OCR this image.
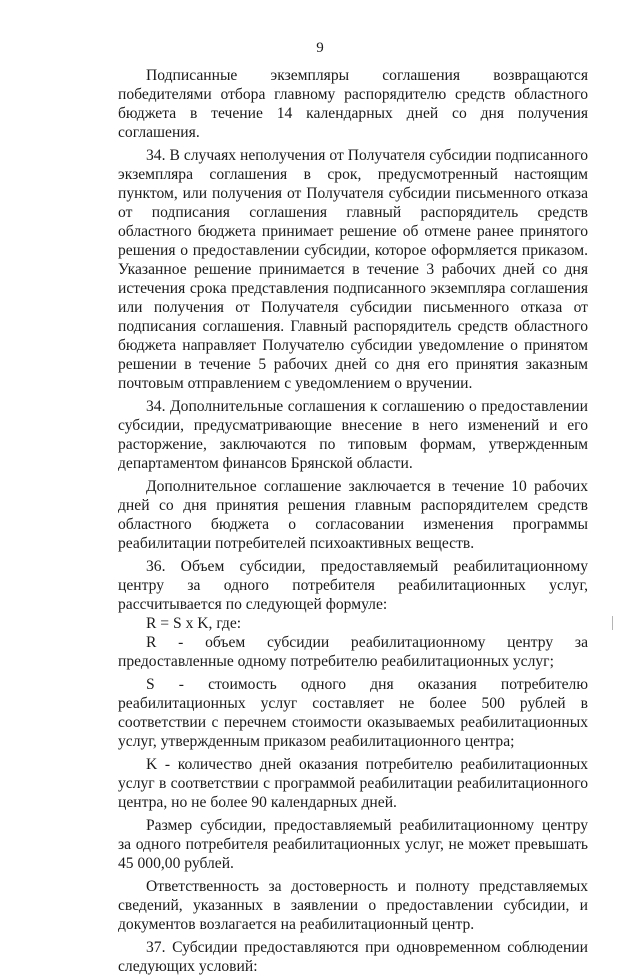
9

Подписанные экземпляры соглашения возвращаются победителями отбора главному распорядителю средств областного бюджета в течение 14 календарных дней со дня получения соглашения.

34. В случаях неполучения от Получателя субсидии подписанного экземпляра соглашения в срок, предусмотренный настоящим пунктом, или получения от Получателя субсидии письменного отказа от подписания соглашения главный распорядитель средств областного бюджета принимает решение об отмене ранее принятого решения о предоставлении субсидии, которое оформляется приказом. Указанное решение принимается в течение 3 рабочих дней со дня истечения срока представления подписанного экземпляра соглашения или получения от Получателя субсидии письменного отказа от подписания соглашения. Главный распорядитель средств областного бюджета направляет Получателю субсидии уведомление о принятом решении в течение 5 рабочих дней со дня его принятия заказным почтовым отправлением с уведомлением о вручении.

34. Дополнительные соглашения к соглашению о предоставлении субсидии, предусматривающие внесение в него изменений и его расторжение, заключаются по типовым формам, утвержденным департаментом финансов Брянской области.

Дополнительное соглашение заключается в течение 10 рабочих дней со дня принятия решения главным распорядителем средств областного бюджета о согласовании изменения программы реабилитации потребителей психоактивных веществ.

36. Объем субсидии, предоставляемый реабилитационному центру за одного потребителя реабилитационных услуг, рассчитывается по следующей формуле:

R = S х K, где:

R - объем субсидии реабилитационному центру за предоставленные одному потребителю реабилитационных услуг;

S - стоимость одного дня оказания потребителю реабилитационных услуг составляет не более 500 рублей в соответствии с перечнем стоимости оказываемых реабилитационных услуг, утвержденным приказом реабилитационного центра;

K - количество дней оказания потребителю реабилитационных услуг в соответствии с программой реабилитации реабилитационного центра, но не более 90 календарных дней.

Размер субсидии, предоставляемый реабилитационному центру за одного потребителя реабилитационных услуг, не может превышать 45 000,00 рублей.

Ответственность за достоверность и полноту представляемых сведений, указанных в заявлении о предоставлении субсидии, и документов возлагается на реабилитационный центр.

37. Субсидии предоставляются при одновременном соблюдении следующих условий:
